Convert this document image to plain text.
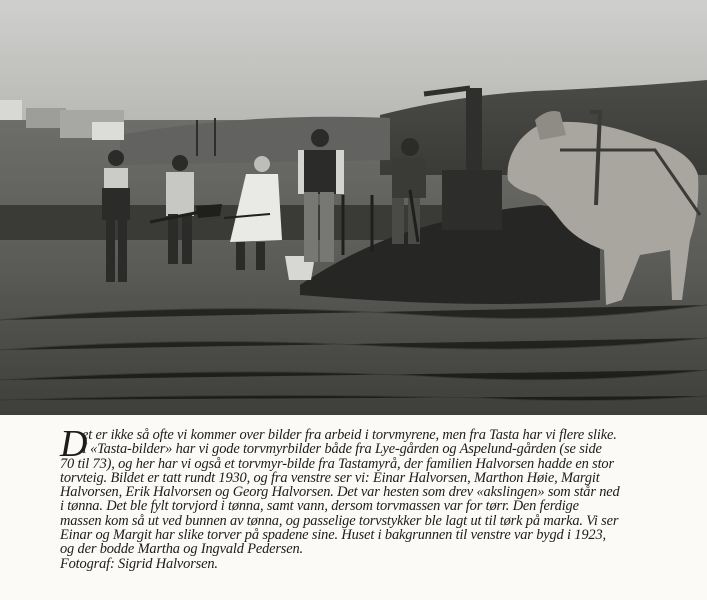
D
et er ikke så ofte vi kommer over bilder fra arbeid i torvmyrene, men fra Tasta har vi flere slike.
I «Tasta-bilder» har vi gode torvmyrbilder både fra Lye-gården og Aspelund-gården (se side
70 til 73), og her har vi også et torvmyr-bilde fra Tastamyrå, der familien Halvorsen hadde en stor
torvteig. Bildet er tatt rundt 1930, og fra venstre ser vi: Einar Halvorsen, Marthon Høie, Margit
Halvorsen, Erik Halvorsen og Georg Halvorsen. Det var hesten som drev «akslingen» som står ned
i tønna. Det ble fylt torvjord i tønna, samt vann, dersom torvmassen var for tørr. Den ferdige
massen kom så ut ved bunnen av tønna, og passelige torvstykker ble lagt ut til tørk på marka. Vi ser
Einar og Margit har slike torver på spadene sine. Huset i bakgrunnen til venstre var bygd i 1923,
og der bodde Martha og Ingvald Pedersen.
Fotograf: Sigrid Halvorsen.
